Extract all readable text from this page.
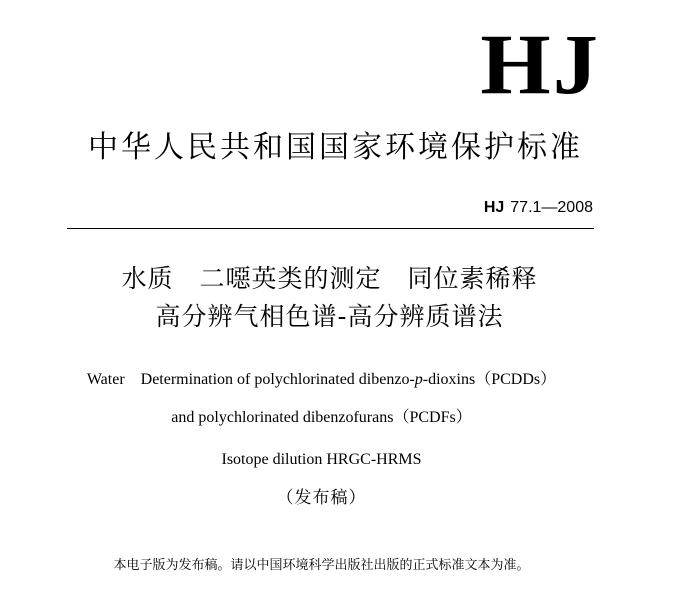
HJ
中华人民共和国国家环境保护标准
HJ 77.1—2008
水质　二噁英类的测定　同位素稀释
高分辨气相色谱-高分辨质谱法
Water　Determination of polychlorinated dibenzo-p-dioxins（PCDDs）
and polychlorinated dibenzofurans（PCDFs）
Isotope dilution HRGC-HRMS
（发布稿）
本电子版为发布稿。请以中国环境科学出版社出版的正式标准文本为准。
